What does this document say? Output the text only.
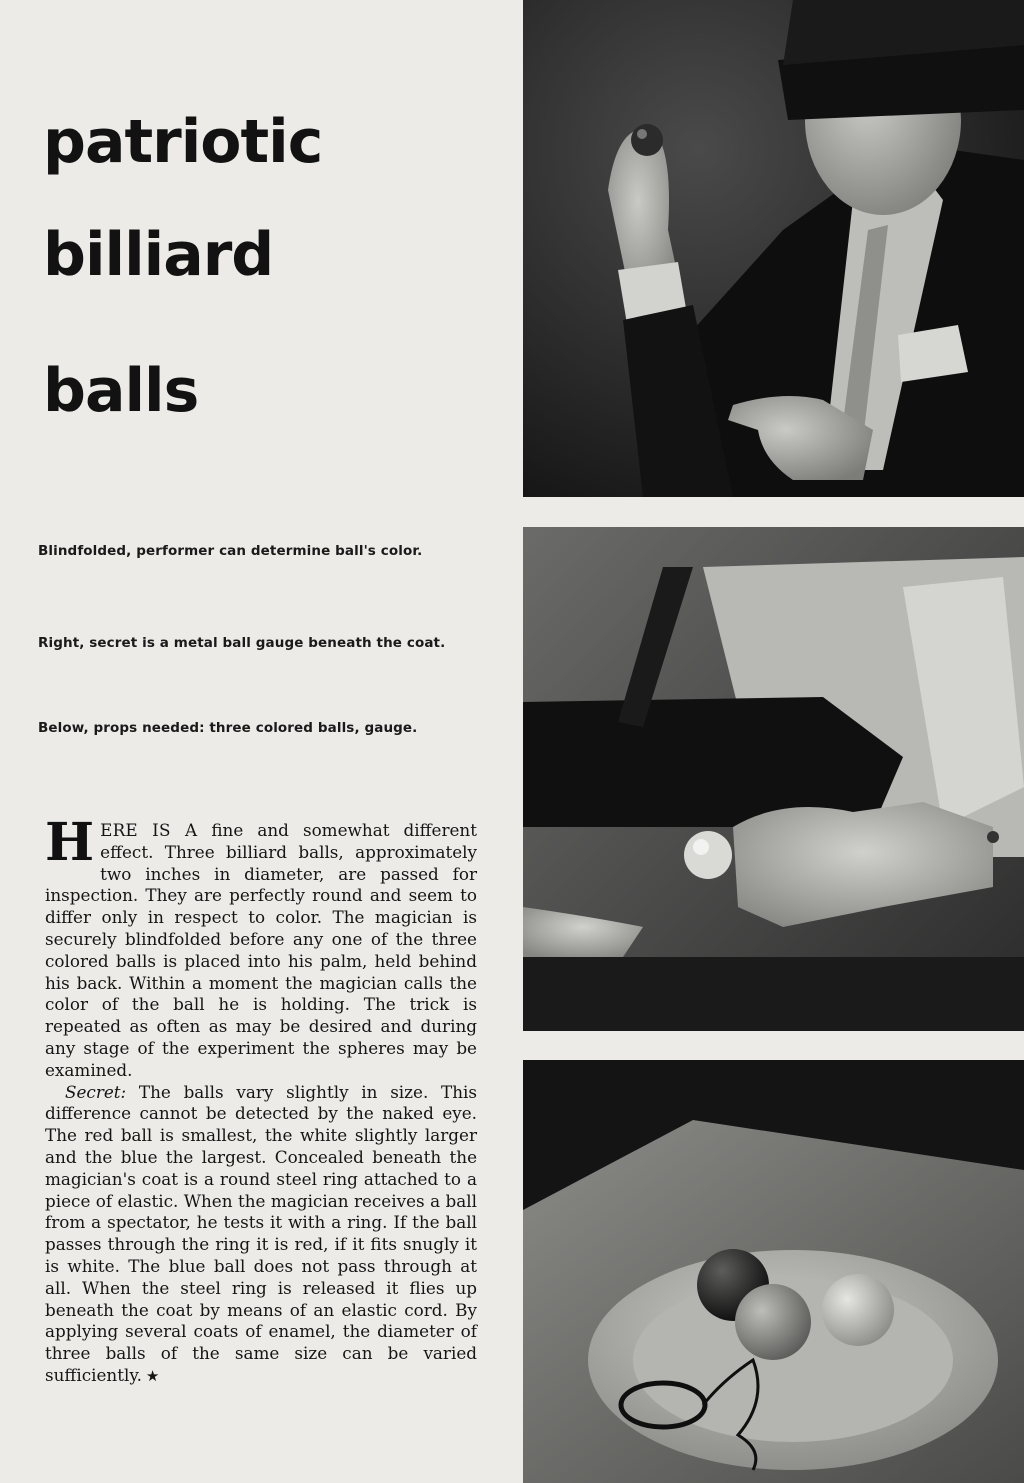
patriotic
billiard
balls
Blindfolded, performer can determine ball's color.
Right, secret is a metal ball gauge beneath the coat.
Below, props needed: three colored balls, gauge.

HERE IS A fine and somewhat different effect. Three billiard balls, approximately two inches in diameter, are passed for inspection. They are perfectly round and seem to differ only in respect to color. The magician is securely blindfolded before any one of the three colored balls is placed into his palm, held behind his back. Within a moment the magician calls the color of the ball he is holding. The trick is repeated as often as may be desired and during any stage of the experiment the spheres may be examined.

Secret: The balls vary slightly in size. This difference cannot be detected by the naked eye. The red ball is smallest, the white slightly larger and the blue the largest. Concealed beneath the magician's coat is a round steel ring attached to a piece of elastic. When the magician receives a ball from a spectator, he tests it with a ring. If the ball passes through the ring it is red, if it fits snugly it is white. The blue ball does not pass through at all. When the steel ring is released it flies up beneath the coat by means of an elastic cord. By applying several coats of enamel, the diameter of three balls of the same size can be varied sufficiently. ★
